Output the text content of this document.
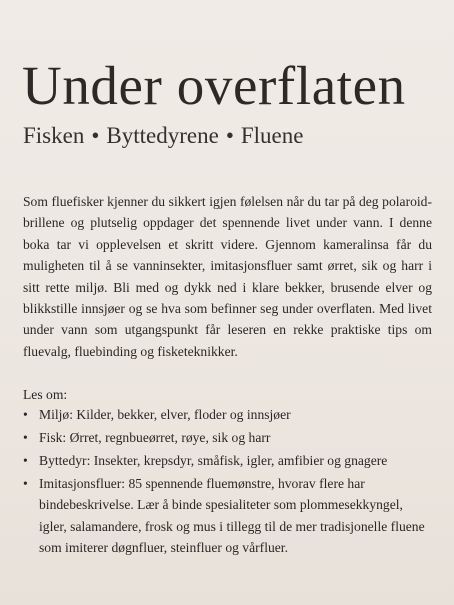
Under overflaten

Fisken • Byttedyrene • Fluene

Som fluefisker kjenner du sikkert igjen følelsen når du tar på deg polaroid-brillene og plutselig oppdager det spennende livet under vann. I denne boka tar vi opplevelsen et skritt videre. Gjennom kameralinsa får du muligheten til å se vanninsekter, imitasjonsfluer samt ørret, sik og harr i sitt rette miljø. Bli med og dykk ned i klare bekker, brusende elver og blikkstille innsjøer og se hva som befinner seg under overflaten. Med livet under vann som utgangspunkt får leseren en rekke praktiske tips om fluevalg, fluebinding og fisketeknikker.

Les om:

• Miljø: Kilder, bekker, elver, floder og innsjøer
• Fisk: Ørret, regnbueørret, røye, sik og harr
• Byttedyr: Insekter, krepsdyr, småfisk, igler, amfibier og gnagere
• Imitasjonsfluer: 85 spennende fluemønstre, hvorav flere har bindebeskrivelse. Lær å binde spesialiteter som plommesekkyngel, igler, salamandere, frosk og mus i tillegg til de mer tradisjonelle fluene som imiterer døgnfluer, steinfluer og vårfluer.
